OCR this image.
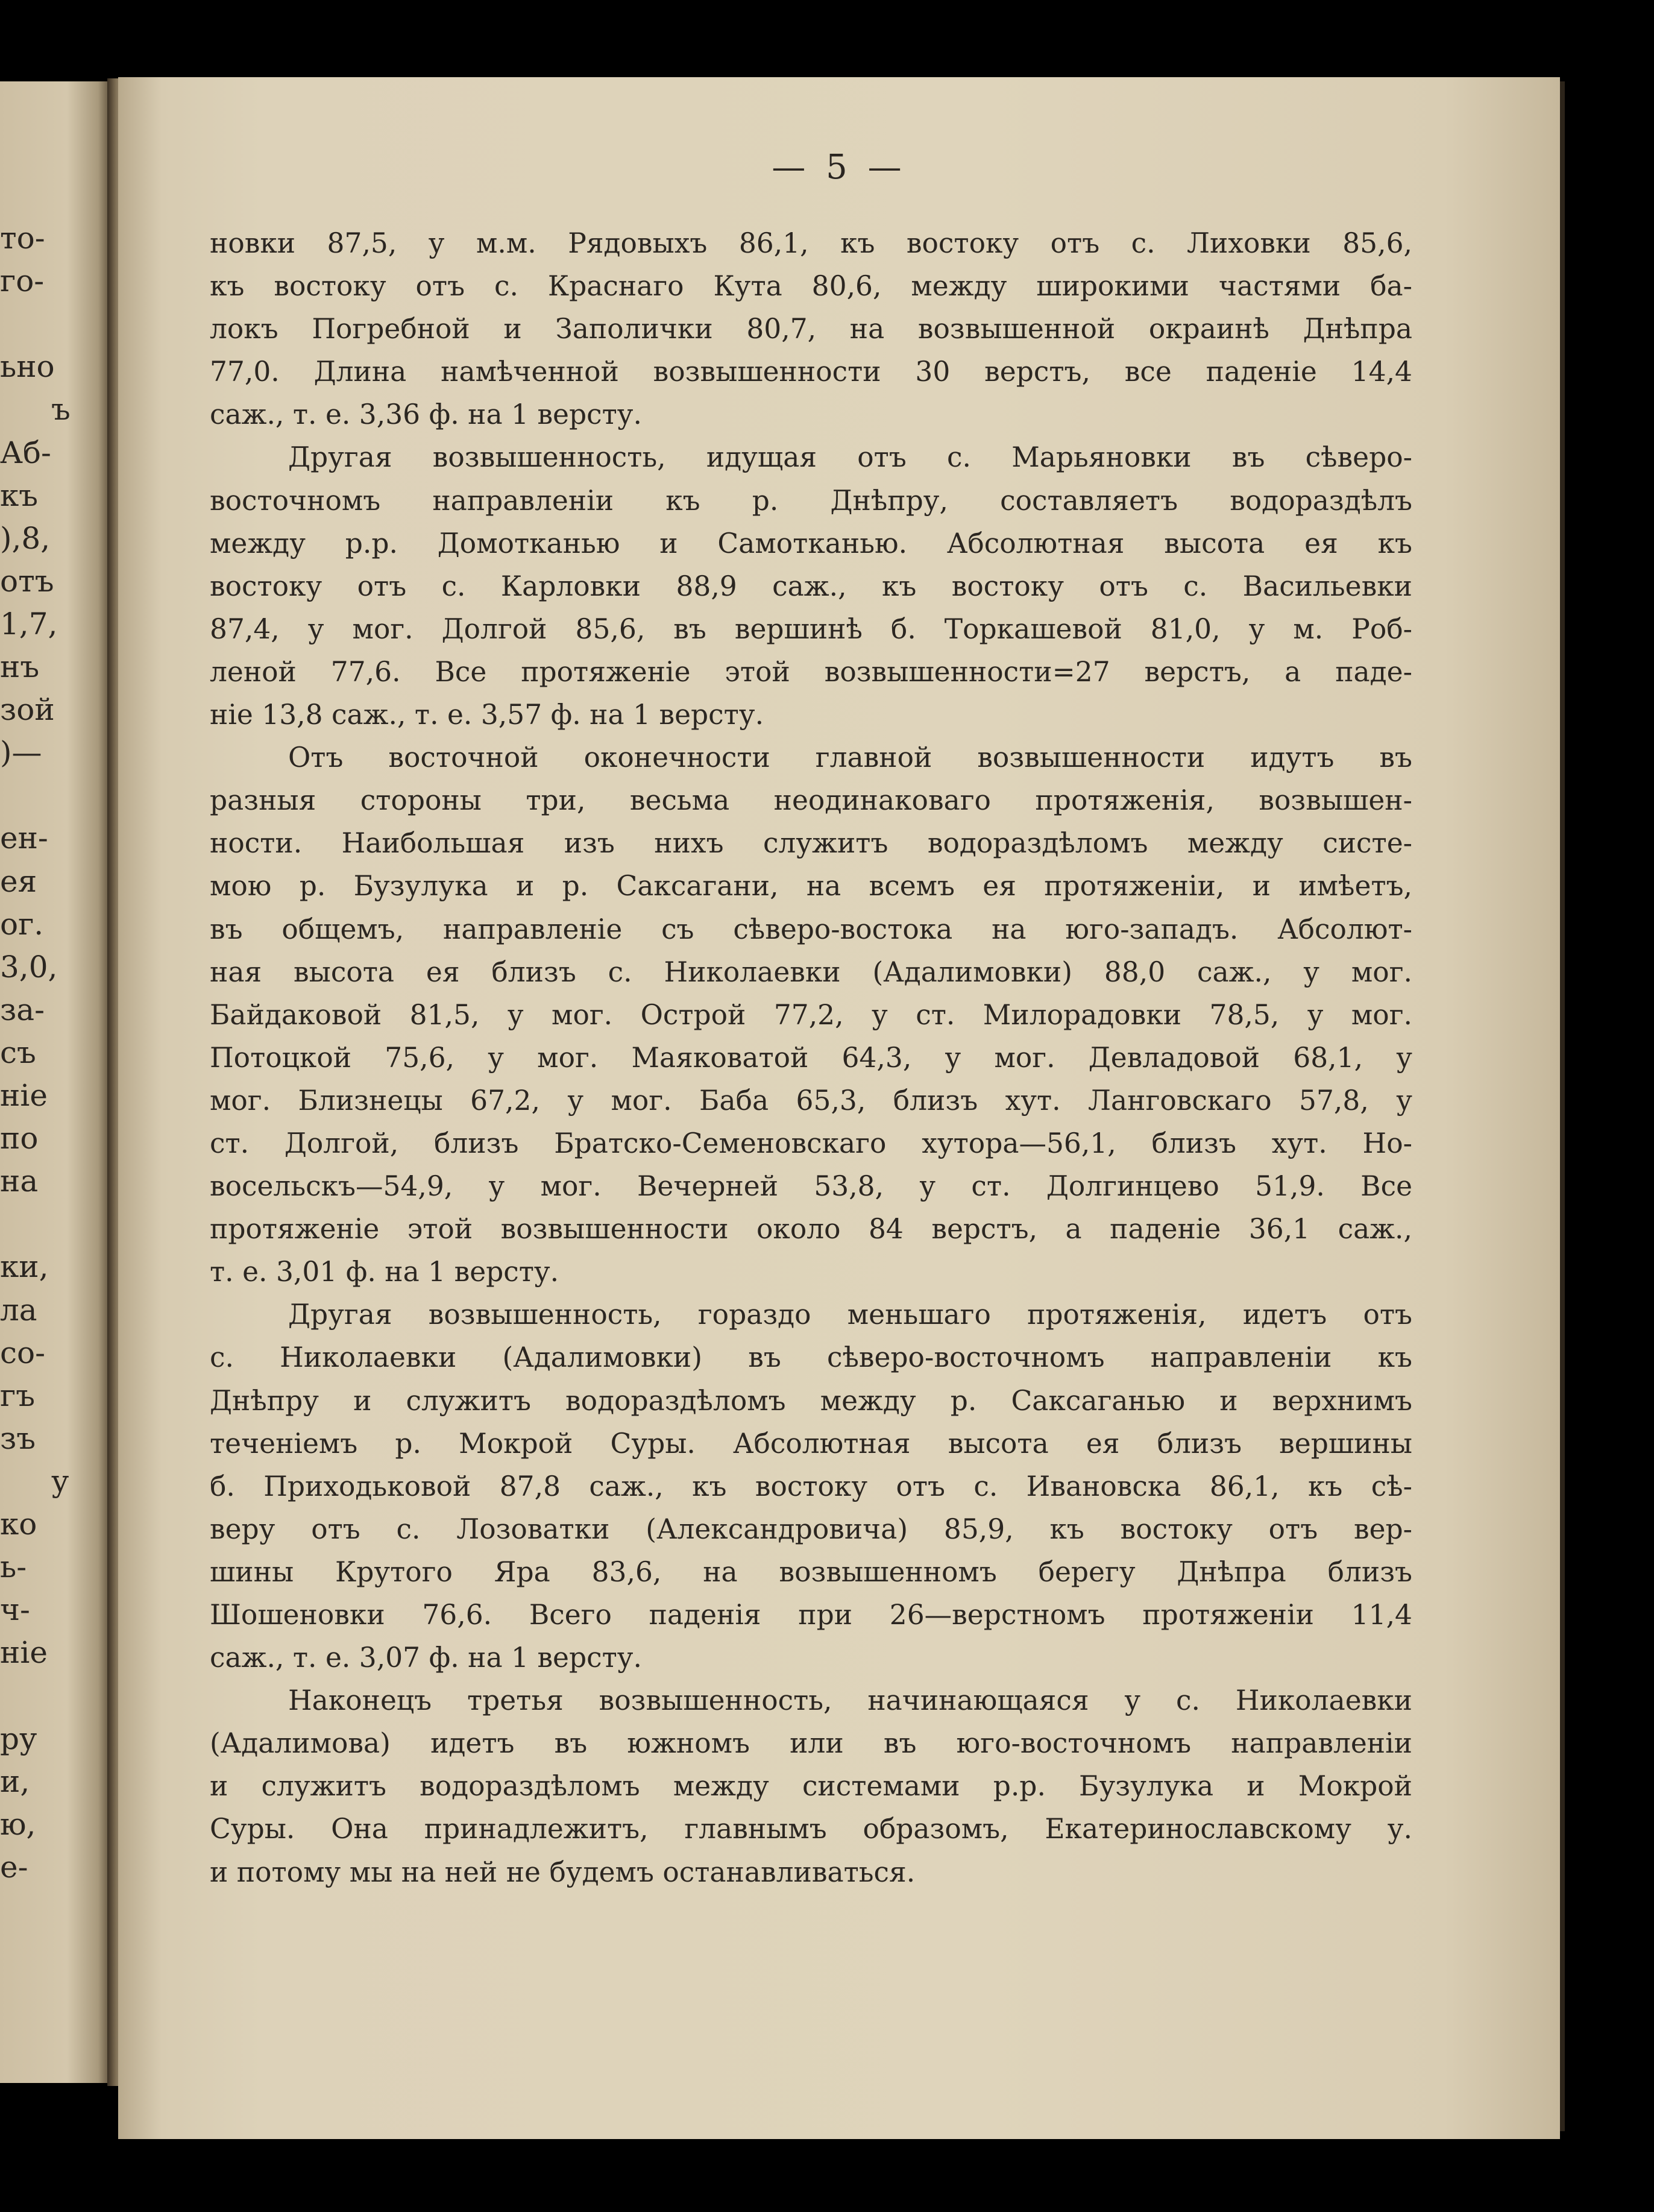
то-
го-
ьно
ъ
Аб-
къ
),8,
отъ
1,7,
нъ
зой
)—
ен-
ея
ог.
3,0,
за-
съ
ніе
по
на
ки,
ла
со-
гъ
зъ
у
ко
ь-
ч-
ніе
ру
и,
ю,
е-
— 5 —
новки 87,5, у м.м. Рядовыхъ 86,1, къ востоку отъ с. Лиховки 85,6,
къ востоку отъ с. Краснаго Кута 80,6, между широкими частями ба-
локъ Погребной и Заполички 80,7, на возвышенной окраинѣ Днѣпра
77,0. Длина намѣченной возвышенности 30 верстъ, все паденіе 14,4
саж., т. е. 3,36 ф. на 1 версту.
Другая возвышенность, идущая отъ с. Марьяновки въ сѣверо-
восточномъ направленіи къ р. Днѣпру, составляетъ водораздѣлъ
между р.р. Домотканью и Самотканью. Абсолютная высота ея къ
востоку отъ с. Карловки 88,9 саж., къ востоку отъ с. Васильевки
87,4, у мог. Долгой 85,6, въ вершинѣ б. Торкашевой 81,0, у м. Роб-
леной 77,6. Все протяженіе этой возвышенности=27 верстъ, а паде-
ніе 13,8 саж., т. е. 3,57 ф. на 1 версту.
Отъ восточной оконечности главной возвышенности идутъ въ
разныя стороны три, весьма неодинаковаго протяженія, возвышен-
ности. Наибольшая изъ нихъ служитъ водораздѣломъ между систе-
мою р. Бузулука и р. Саксагани, на всемъ ея протяженіи, и имѣетъ,
въ общемъ, направленіе съ сѣверо-востока на юго-западъ. Абсолют-
ная высота ея близъ с. Николаевки (Адалимовки) 88,0 саж., у мог.
Байдаковой 81,5, у мог. Острой 77,2, у ст. Милорадовки 78,5, у мог.
Потоцкой 75,6, у мог. Маяковатой 64,3, у мог. Девладовой 68,1, у
мог. Близнецы 67,2, у мог. Баба 65,3, близъ хут. Ланговскаго 57,8, у
ст. Долгой, близъ Братско-Семеновскаго хутора—56,1, близъ хут. Но-
восельскъ—54,9, у мог. Вечерней 53,8, у ст. Долгинцево 51,9. Все
протяженіе этой возвышенности около 84 верстъ, а паденіе 36,1 саж.,
т. е. 3,01 ф. на 1 версту.
Другая возвышенность, гораздо меньшаго протяженія, идетъ отъ
с. Николаевки (Адалимовки) въ сѣверо-восточномъ направленіи къ
Днѣпру и служитъ водораздѣломъ между р. Саксаганью и верхнимъ
теченіемъ р. Мокрой Суры. Абсолютная высота ея близъ вершины
б. Приходьковой 87,8 саж., къ востоку отъ с. Ивановска 86,1, къ сѣ-
веру отъ с. Лозоватки (Александровича) 85,9, къ востоку отъ вер-
шины Крутого Яра 83,6, на возвышенномъ берегу Днѣпра близъ
Шошеновки 76,6. Всего паденія при 26—верстномъ протяженіи 11,4
саж., т. е. 3,07 ф. на 1 версту.
Наконецъ третья возвышенность, начинающаяся у с. Николаевки
(Адалимова) идетъ въ южномъ или въ юго-восточномъ направленіи
и служитъ водораздѣломъ между системами р.р. Бузулука и Мокрой
Суры. Она принадлежитъ, главнымъ образомъ, Екатеринославскому у.
и потому мы на ней не будемъ останавливаться.
